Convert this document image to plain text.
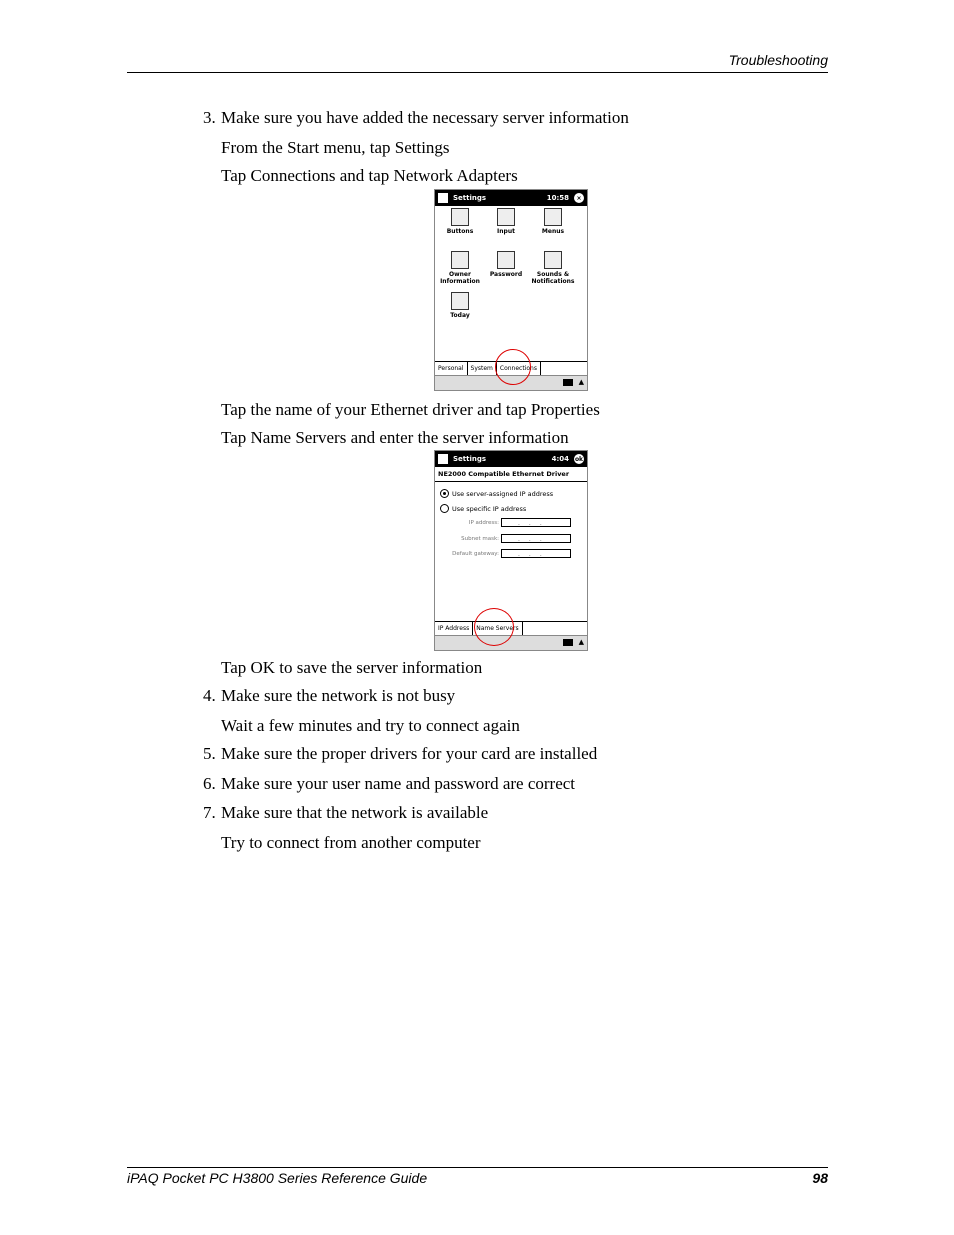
Troubleshooting
3. Make sure you have added the necessary server information
From the Start menu, tap Settings
Tap Connections and tap Network Adapters
Settings	10:58	×
Buttons	Input	Menus
Owner Information
Password	Sounds & Notifications
Today
Personal	System	Connections
▲
Tap the name of your Ethernet driver and tap Properties
Tap Name Servers and enter the server information
Settings	4:04 ok
NE2000 Compatible Ethernet Driver
Use server-assigned IP address
Use specific IP address
IP address:	...
Subnet mask:	...
Default gateway:	...
IP Address	Name Servers
▲
Tap OK to save the server information
4. Make sure the network is not busy
Wait a few minutes and try to connect again
5. Make sure the proper drivers for your card are installed
6. Make sure your user name and password are correct
7. Make sure that the network is available
Try to connect from another computer
iPAQ Pocket PC H3800 Series Reference Guide	98
